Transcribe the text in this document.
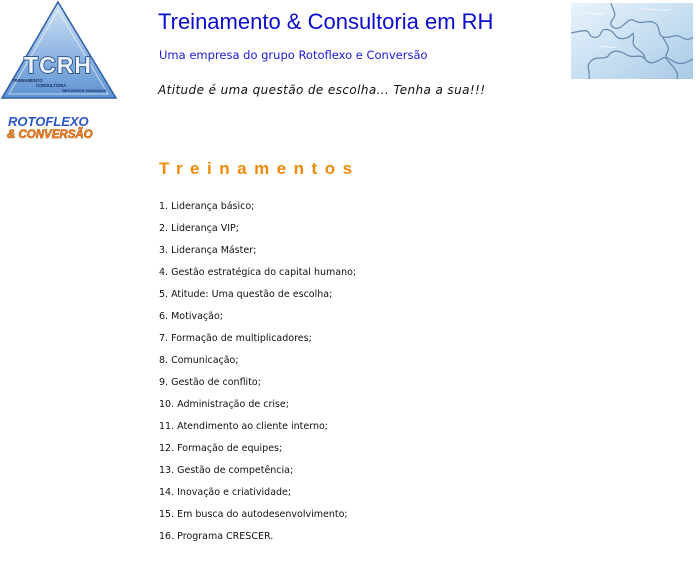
TCRH
TREINAMENTO
CONSULTORIA
RECURSOS HUMANOS
ROTOFLEXO
& CONVERSÃO
Treinamento & Consultoria em RH

Uma empresa do grupo Rotoflexo e Conversão

Atitude é uma questão de escolha... Tenha a sua!!!

Treinamentos
1. Liderança básico;
2. Liderança VIP;
3. Liderança Máster;
4. Gestão estratégica do capital humano;
5. Atitude: Uma questão de escolha;
6. Motivação;
7. Formação de multiplicadores;
8. Comunicação;
9. Gestão de conflito;
10. Administração de crise;
11. Atendimento ao cliente interno;
12. Formação de equipes;
13. Gestão de competência;
14. Inovação e criatividade;
15. Em busca do autodesenvolvimento;
16. Programa CRESCER.
